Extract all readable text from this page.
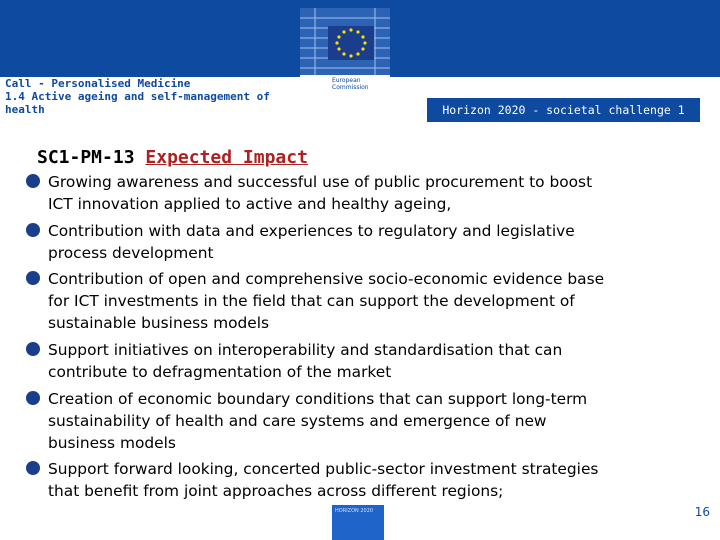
European
Commission
Call - Personalised Medicine
1.4 Active ageing and self-management of
health	Horizon 2020 - societal challenge 1
SC1-PM-13 Expected Impact
Growing awareness and successful use of public procurement to boost
ICT innovation applied to active and healthy ageing,
Contribution with data and experiences to regulatory and legislative
process development
Contribution of open and comprehensive socio-economic evidence base
for ICT investments in the field that can support the development of
sustainable business models
Support initiatives on interoperability and standardisation that can
contribute to defragmentation of the market
Creation of economic boundary conditions that can support long-term
sustainability of health and care systems and emergence of new
business models
Support forward looking, concerted public-sector investment strategies
that benefit from joint approaches across different regions;
HORIZON 2020	16
